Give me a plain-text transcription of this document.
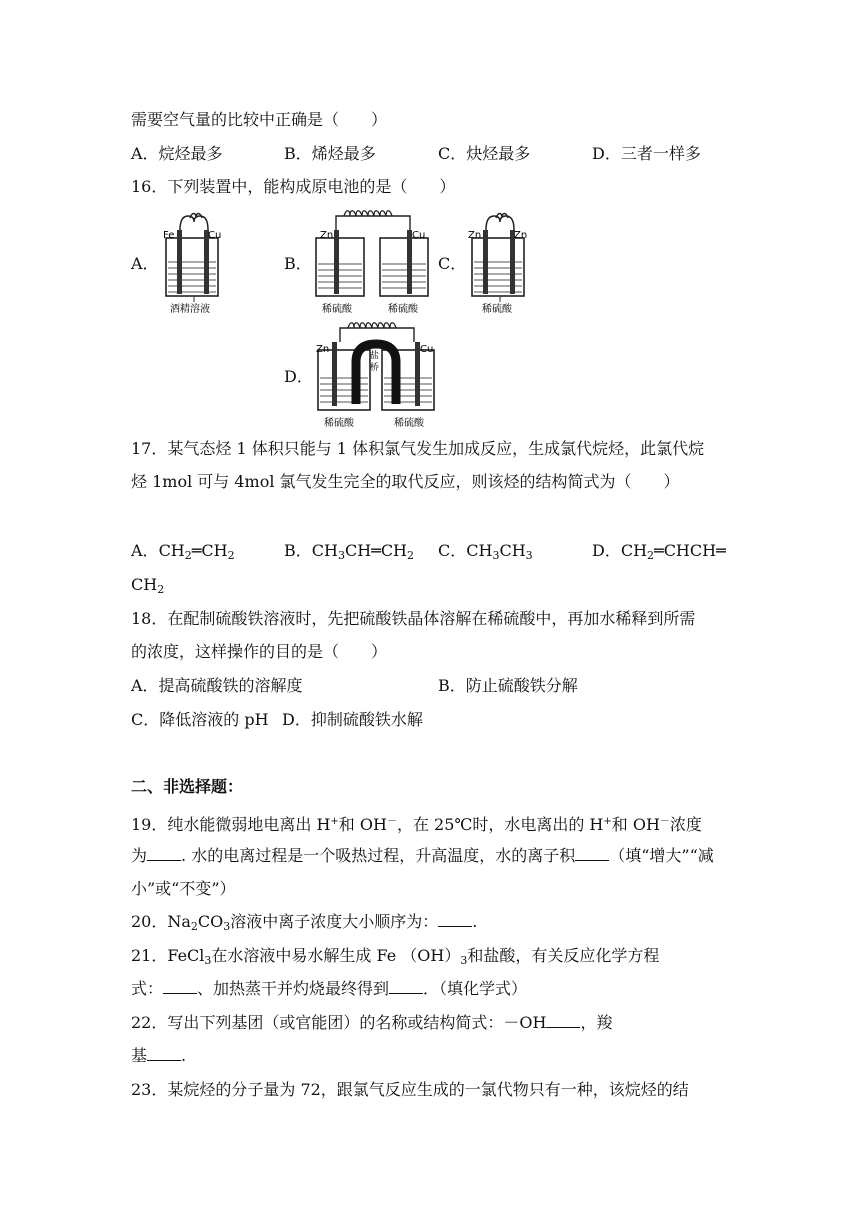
需要空气量的比较中正确是（　　）
A．烷烃最多	B．烯烃最多	C．炔烃最多	D．三者一样多
16．下列装置中，能构成原电池的是（　　）
A．	B．	C．
D．
Fe	Cu
酒精溶液
Zn	Cu
稀硫酸	稀硫酸
Zn	Zn
稀硫酸
Zn	Cu
盐
桥
稀硫酸	稀硫酸
17．某气态烃 1 体积只能与 1 体积氯气发生加成反应，生成氯代烷烃，此氯代烷
烃 1mol 可与 4mol 氯气发生完全的取代反应，则该烃的结构简式为（　　）
A．$CH_2═CH_2$	B．$CH_3CH═CH_2$ C．$CH_3CH_3$	D．$CH_2═CHCH═$
$CH_2$
18．在配制硫酸铁溶液时，先把硫酸铁晶体溶解在稀硫酸中，再加水稀释到所需
的浓度，这样操作的目的是（　　）
A．提高硫酸铁的溶解度	B．防止硫酸铁分解
C．降低溶液的 pH D．抑制硫酸铁水解
二、非选择题：
19．纯水能微弱地电离出 H+和 OH－，在 25℃时，水电离出的 H+和 OH－浓度
为 . 水的电离过程是一个吸热过程，升高温度，水的离子积 （填“增大”“减
小”或“不变”）
20．$Na_2CO_3$溶液中离子浓度大小顺序为： .
21．FeCl$_3$在水溶液中易水解生成 Fe $(OH)_3$和盐酸，有关反应化学方程
式： 、加热蒸干并灼烧最终得到 ．（填化学式）
22．写出下列基团（或官能团）的名称或结构简式：－OH ，羧
基 .
23．某烷烃的分子量为 72，跟氯气反应生成的一氯代物只有一种，该烷烃的结
